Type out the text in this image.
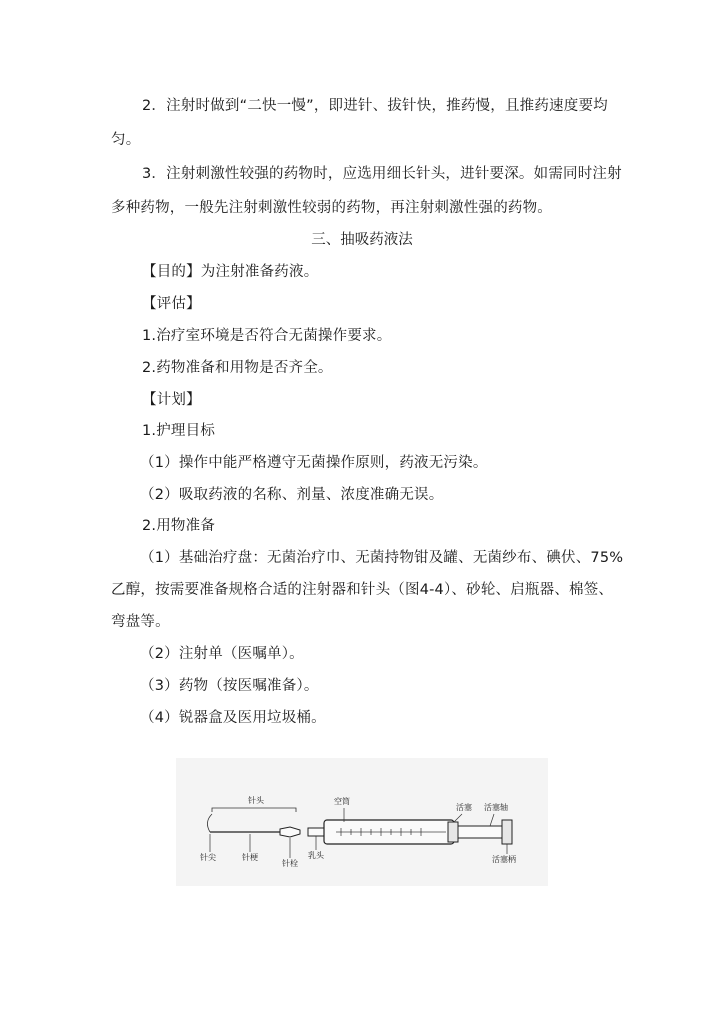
2．注射时做到“二快一慢”，即进针、拔针快，推药慢，且推药速度要均
匀。
3．注射刺激性较强的药物时，应选用细长针头，进针要深。如需同时注射
多种药物，一般先注射刺激性较弱的药物，再注射刺激性强的药物。
三、抽吸药液法
【目的】为注射准备药液。
【评估】
1.治疗室环境是否符合无菌操作要求。
2.药物准备和用物是否齐全。
【计划】
1.护理目标
（1）操作中能严格遵守无菌操作原则，药液无污染。
（2）吸取药液的名称、剂量、浓度准确无误。
2.用物准备
（1）基础治疗盘：无菌治疗巾、无菌持物钳及罐、无菌纱布、碘伏、75%
乙醇，按需要准备规格合适的注射器和针头（图4-4）、砂轮、启瓶器、棉签、
弯盘等。
（2）注射单（医嘱单）。
（3）药物（按医嘱准备）。
（4）锐器盒及医用垃圾桶。
针头
针尖	针梗
针栓
乳头
空筒
活塞 活塞轴
活塞柄
